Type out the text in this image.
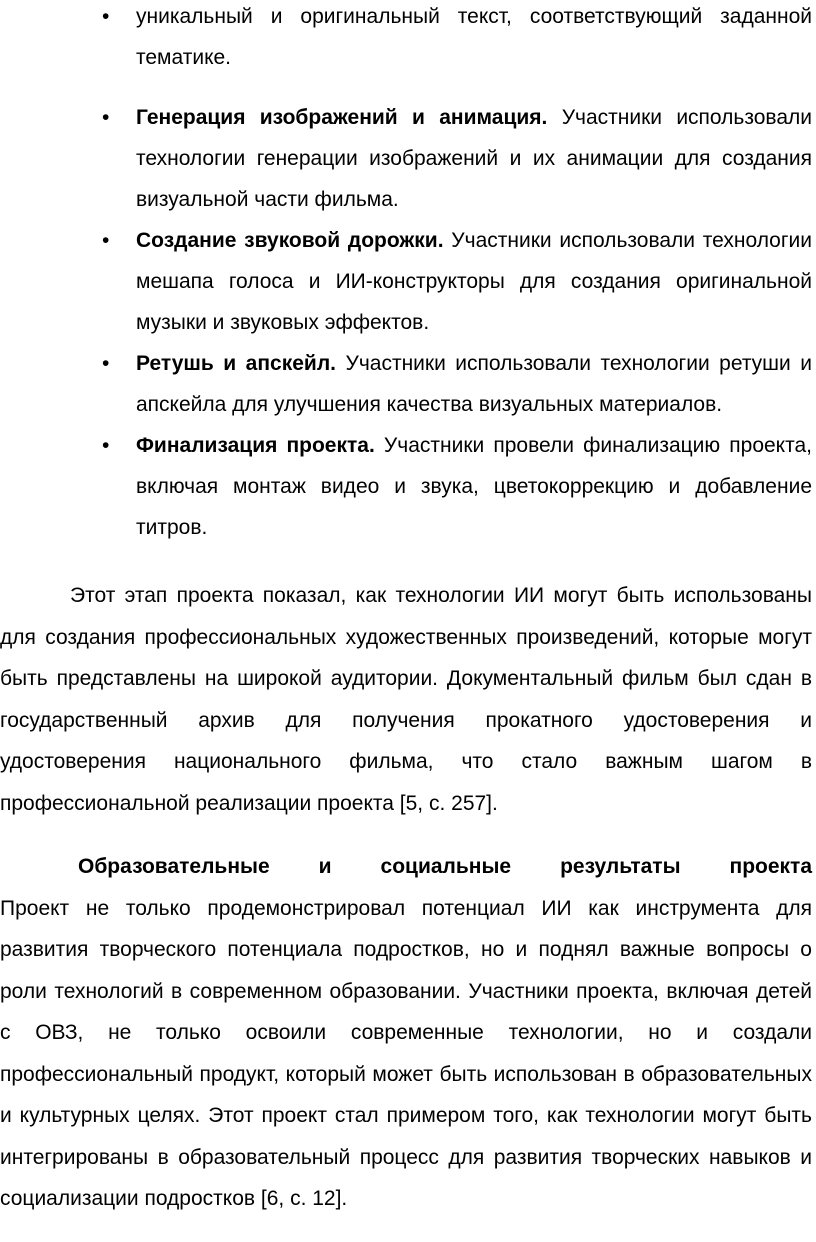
• уникальный и оригинальный текст, соответствующий заданной тематике.
• Генерация изображений и анимация. Участники использовали технологии генерации изображений и их анимации для создания визуальной части фильма.
• Создание звуковой дорожки. Участники использовали технологии мешапа голоса и ИИ-конструкторы для создания оригинальной музыки и звуковых эффектов.
• Ретушь и апскейл. Участники использовали технологии ретуши и апскейла для улучшения качества визуальных материалов.
• Финализация проекта. Участники провели финализацию проекта, включая монтаж видео и звука, цветокоррекцию и добавление титров.

Этот этап проекта показал, как технологии ИИ могут быть использованы для создания профессиональных художественных произведений, которые могут быть представлены на широкой аудитории. Документальный фильм был сдан в государственный архив для получения прокатного удостоверения и удостоверения национального фильма, что стало важным шагом в профессиональной реализации проекта [5, с. 257].

Образовательные и социальные результаты проекта
Проект не только продемонстрировал потенциал ИИ как инструмента для развития творческого потенциала подростков, но и поднял важные вопросы о роли технологий в современном образовании. Участники проекта, включая детей с ОВЗ, не только освоили современные технологии, но и создали профессиональный продукт, который может быть использован в образовательных и культурных целях. Этот проект стал примером того, как технологии могут быть интегрированы в образовательный процесс для развития творческих навыков и социализации подростков [6, с. 12].
